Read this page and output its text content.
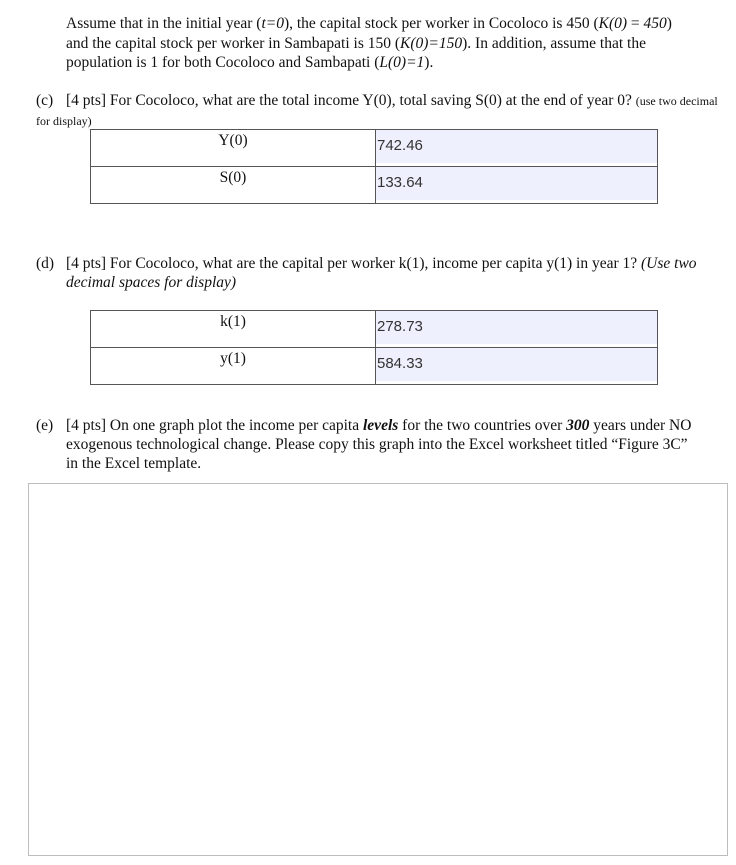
Assume that in the initial year (t=0), the capital stock per worker in Cocoloco is 450 (K(0) = 450)
and the capital stock per worker in Sambapati is 150 (K(0)=150). In addition, assume that the
population is 1 for both Cocoloco and Sambapati (L(0)=1).
(c) [4 pts] For Cocoloco, what are the total income Y(0), total saving S(0) at the end of year 0? (use two decimal
for display)
Y(0)	742.46

S(0)	133.64
(d) [4 pts] For Cocoloco, what are the capital per worker k(1), income per capita y(1) in year 1? (Use two

decimal spaces for display)
k(1)	278.73

y(1)	584.33
(e) [4 pts] On one graph plot the income per capita levels for the two countries over 300 years under NO

exogenous technological change. Please copy this graph into the Excel worksheet titled “Figure 3C”
in the Excel template.
